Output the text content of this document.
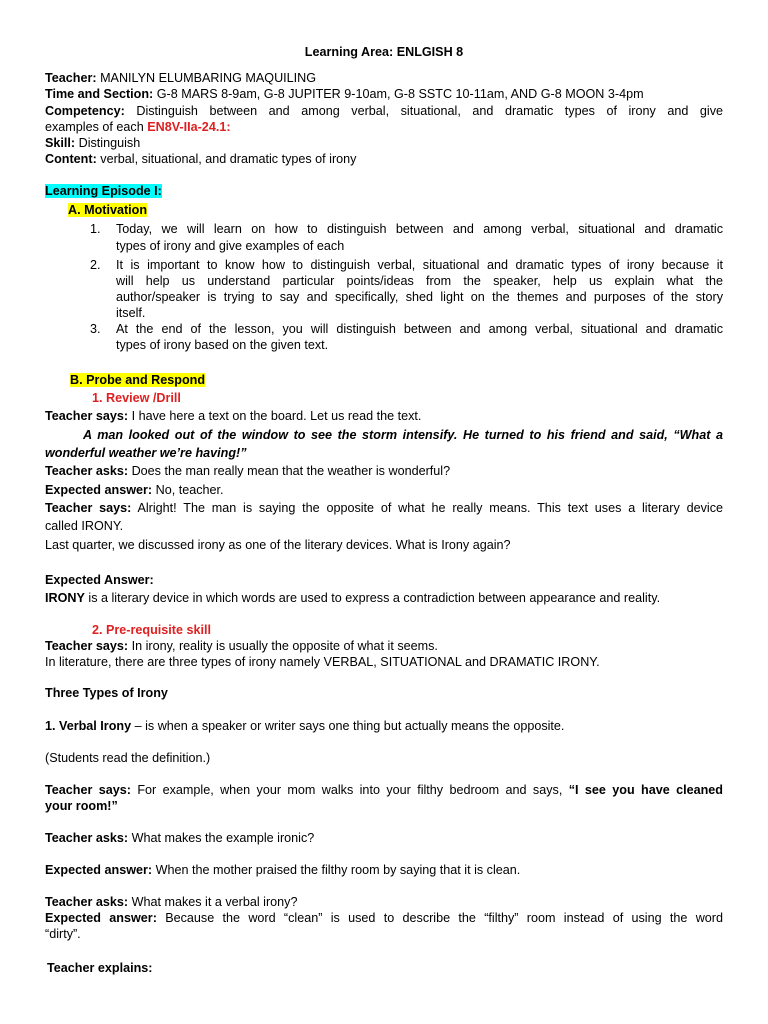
Learning Area: ENLGISH 8
Teacher: MANILYN ELUMBARING MAQUILING
Time and Section: G-8 MARS 8-9am, G-8 JUPITER 9-10am, G-8 SSTC 10-11am, AND G-8 MOON 3-4pm
Competency: Distinguish between and among verbal, situational, and dramatic types of irony and give
examples of each EN8V-IIa-24.1:
Skill: Distinguish
Content: verbal, situational, and dramatic types of irony
Learning Episode I:
A. Motivation
1.	Today, we will learn on how to distinguish between and among verbal, situational and dramatic
types of irony and give examples of each
2.	It is important to know how to distinguish verbal, situational and dramatic types of irony because it
will help us understand particular points/ideas from the speaker, help us explain what the
author/speaker is trying to say and specifically, shed light on the themes and purposes of the story
itself.
3.	At the end of the lesson, you will distinguish between and among verbal, situational and dramatic
types of irony based on the given text.
B. Probe and Respond
1. Review /Drill
Teacher says: I have here a text on the board. Let us read the text.
A man looked out of the window to see the storm intensify. He turned to his friend and said, “What a
wonderful weather we’re having!”
Teacher asks: Does the man really mean that the weather is wonderful?
Expected answer: No, teacher.
Teacher says: Alright! The man is saying the opposite of what he really means. This text uses a literary device
called IRONY.
Last quarter, we discussed irony as one of the literary devices. What is Irony again?
Expected Answer:
IRONY is a literary device in which words are used to express a contradiction between appearance and reality.
2. Pre-requisite skill
Teacher says: In irony, reality is usually the opposite of what it seems.
In literature, there are three types of irony namely VERBAL, SITUATIONAL and DRAMATIC IRONY.
Three Types of Irony
1. Verbal Irony – is when a speaker or writer says one thing but actually means the opposite.
(Students read the definition.)
Teacher says: For example, when your mom walks into your filthy bedroom and says, “I see you have cleaned
your room!”
Teacher asks: What makes the example ironic?
Expected answer: When the mother praised the filthy room by saying that it is clean.
Teacher asks: What makes it a verbal irony?
Expected answer: Because the word “clean” is used to describe the “filthy” room instead of using the word
“dirty”.
Teacher explains:
